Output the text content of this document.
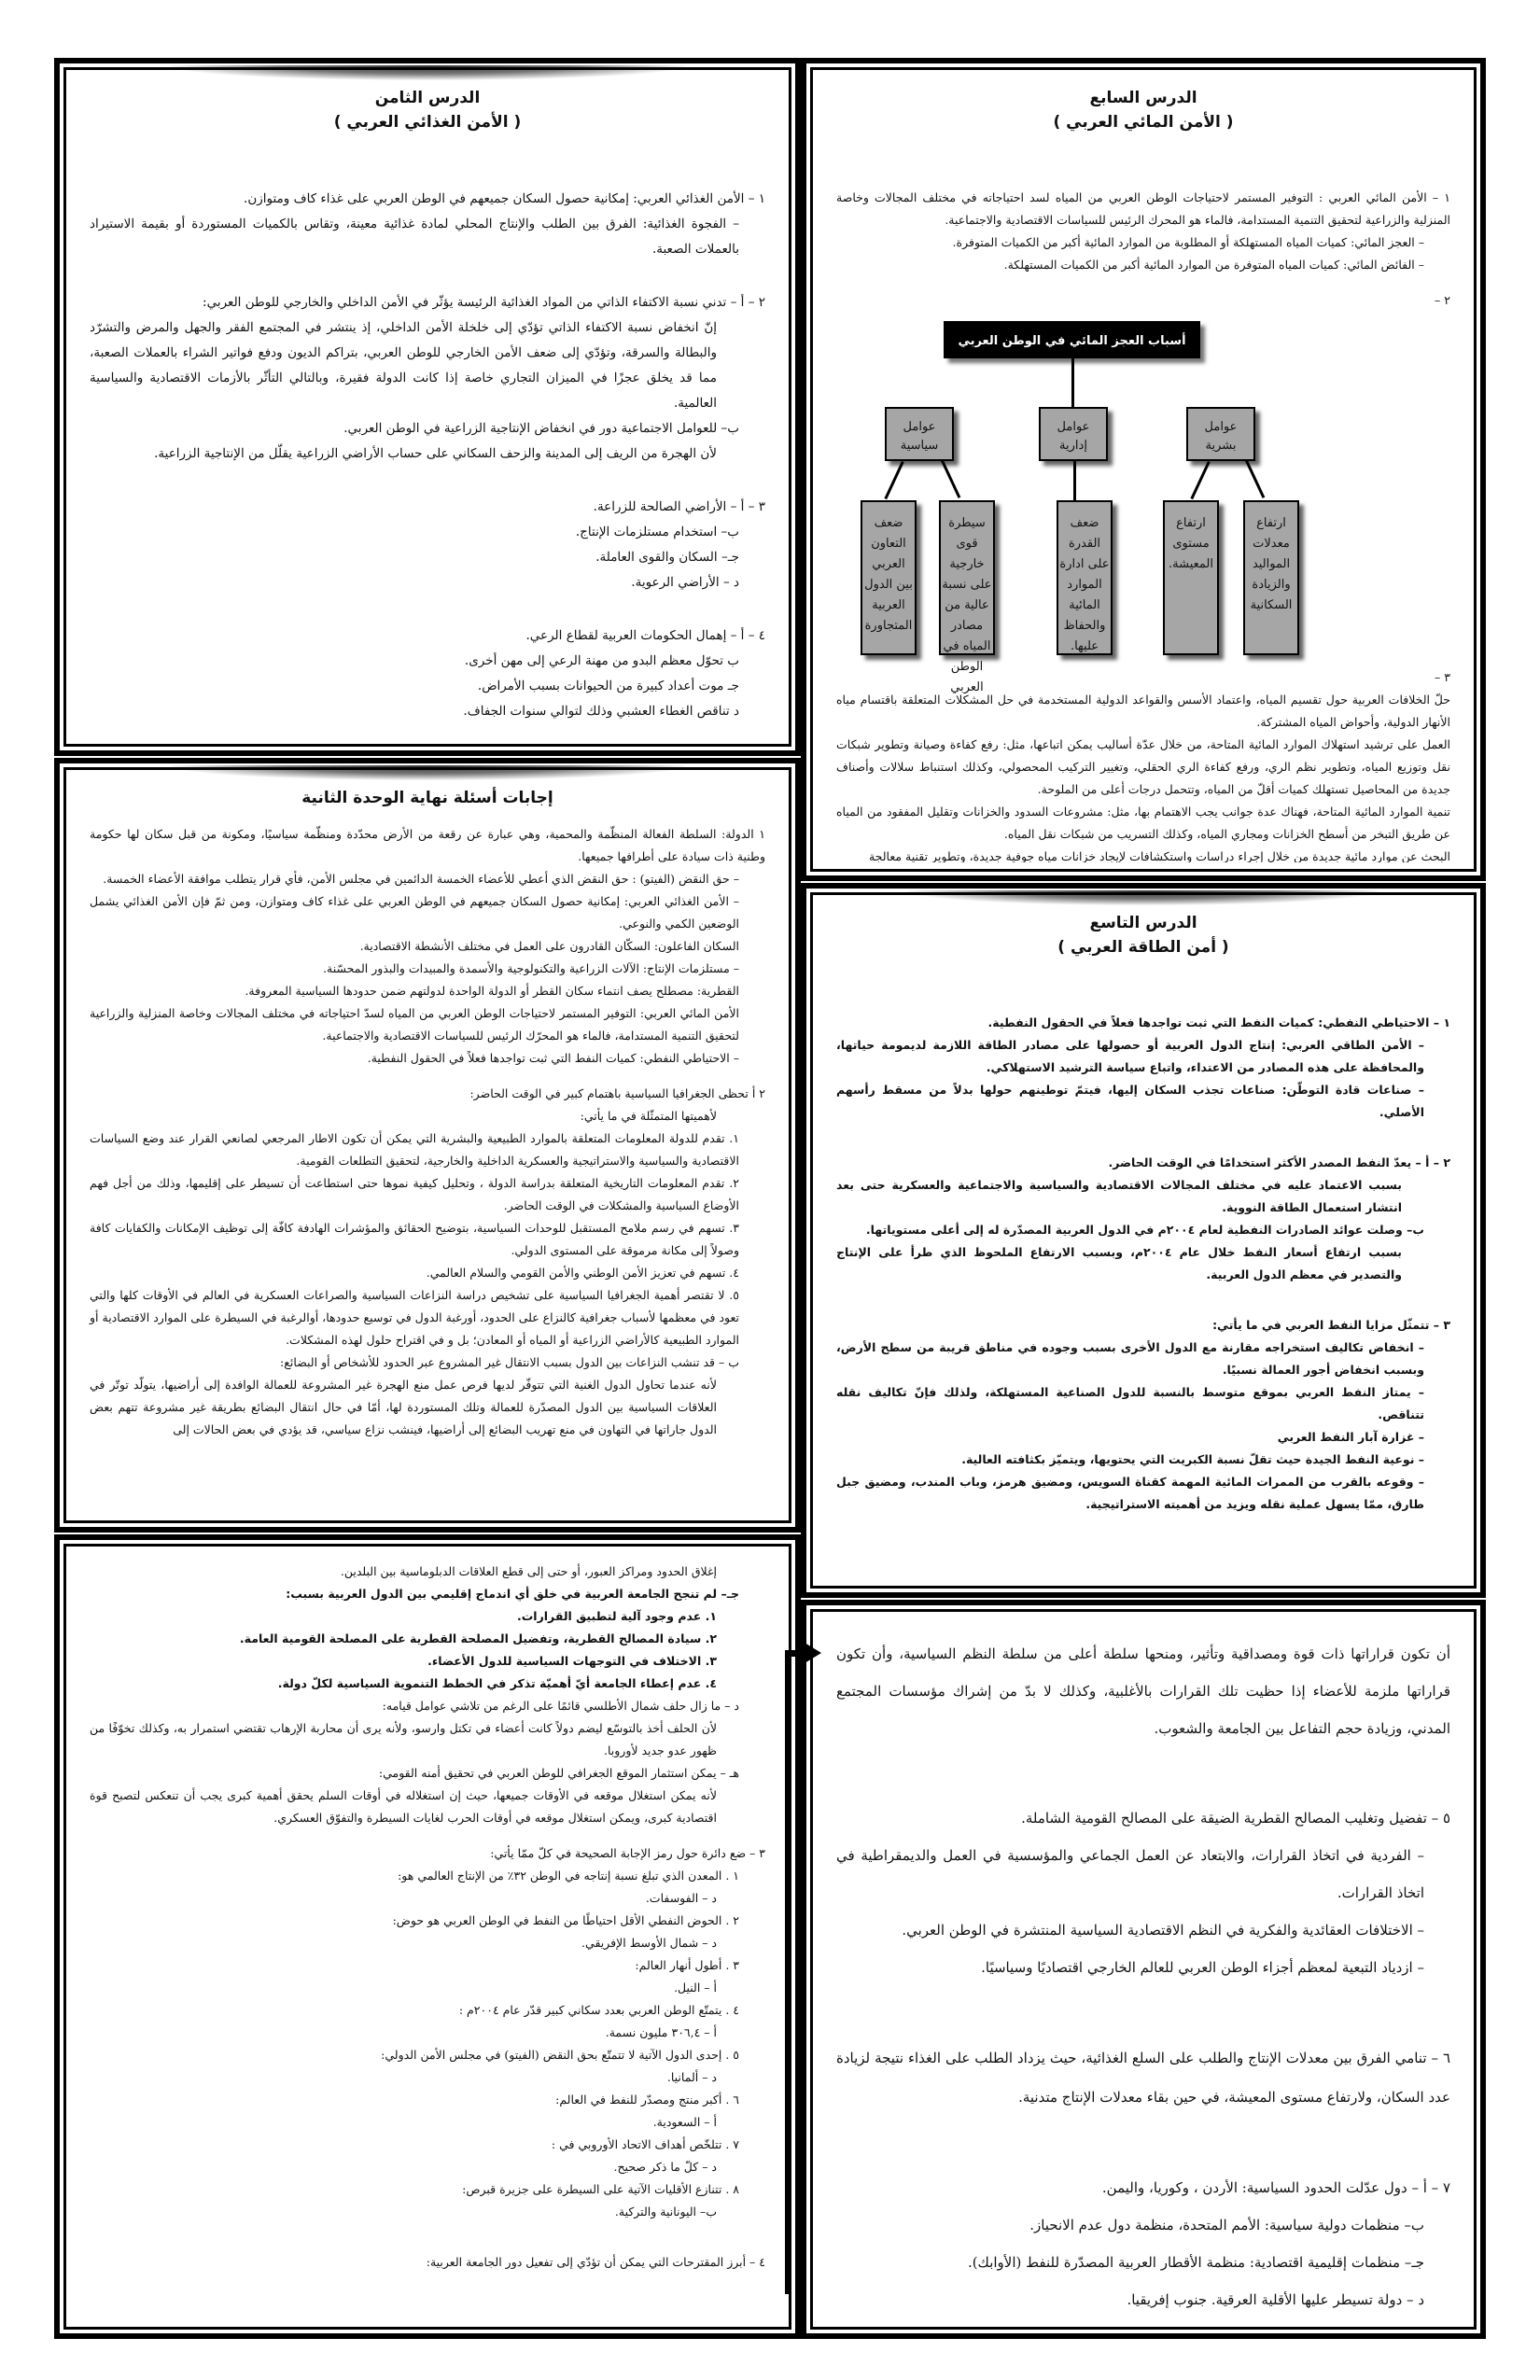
الدرس السابع
( الأمن المائي العربي )
١ – الأمن المائي العربي : التوفير المستمر لاحتياجات الوطن العربي من المياه لسد احتياجاته في مختلف المجالات وخاصة المنزلية والزراعية لتحقيق التنمية المستدامة، فالماء هو المحرك الرئيس للسياسات الاقتصادية والاجتماعية.
– العجز المائي: كميات المياه المستهلكة أو المطلوبة من الموارد المائية أكبر من الكميات المتوفرة.
– الفائض المائي: كميات المياه المتوفرة من الموارد المائية أكبر من الكميات المستهلكة.
٢ –
أسباب العجز المائي في الوطن العربي
عوامل
سياسية
عوامل
إدارية
عوامل
بشرية
ضعف التعاون العربي بين الدول العربية المتجاورة
سيطرة قوى خارجية على نسبة عالية من مصادر المياه في الوطن العربي
ضعف القدرة على ادارة الموارد المائية والحفاظ عليها.
ارتفاع مستوى المعيشة.
ارتفاع معدلات المواليد والزيادة السكانية
٣ –
حلّ الخلافات العربية حول تقسيم المياه، واعتماد الأسس والقواعد الدولية المستخدمة في حل المشكلات المتعلقة باقتسام مياه الأنهار الدولية، وأحواض المياه المشتركة.
العمل على ترشيد استهلاك الموارد المائية المتاحة، من خلال عدّة أساليب يمكن اتباعها، مثل: رفع كفاءة وصيانة وتطوير شبكات نقل وتوزيع المياه، وتطوير نظم الري، ورفع كفاءة الري الحقلي، وتغيير التركيب المحصولي، وكذلك استنباط سلالات وأصناف جديدة من المحاصيل تستهلك كميات أقلّ من المياه، وتتحمل درجات أعلى من الملوحة.
تنمية الموارد المائية المتاحة، فهناك عدة جوانب يجب الاهتمام بها، مثل: مشروعات السدود والخزانات وتقليل المفقود من المياه عن طريق التبخر من أسطح الخزانات ومجاري المياه، وكذلك التسريب من شبكات نقل المياه.
البحث عن موارد مائية جديدة من خلال إجراء دراسات واستكشافات لإيجاد خزانات مياه جوفية جديدة، وتطوير تقنية معالجة
الدرس الثامن
( الأمن الغذائي العربي )
١ – الأمن الغذائي العربي: إمكانية حصول السكان جميعهم في الوطن العربي على غذاء كاف ومتوازن.
– الفجوة الغذائية: الفرق بين الطلب والإنتاج المحلي لمادة غذائية معينة، وتقاس بالكميات المستوردة أو بقيمة الاستيراد بالعملات الصعبة.
٢ – أ – تدني نسبة الاكتفاء الذاتي من المواد الغذائية الرئيسة يؤثّر في الأمن الداخلي والخارجي للوطن العربي:
إنّ انخفاض نسبة الاكتفاء الذاتي تؤدّي إلى خلخلة الأمن الداخلي، إذ ينتشر في المجتمع الفقر والجهل والمرض والتشرّد والبطالة والسرقة، وتؤدّي إلى ضعف الأمن الخارجي للوطن العربي، بتراكم الديون ودفع فواتير الشراء بالعملات الصعبة، مما قد يخلق عجزًا في الميزان التجاري خاصة إذا كانت الدولة فقيرة، وبالتالي التأثّر بالأزمات الاقتصادية والسياسية العالمية.
ب– للعوامل الاجتماعية دور في انخفاض الإنتاجية الزراعية في الوطن العربي.
لأن الهجرة من الريف إلى المدينة والزحف السكاني على حساب الأراضي الزراعية يقلّل من الإنتاجية الزراعية.
٣ – أ – الأراضي الصالحة للزراعة.
ب– استخدام مستلزمات الإنتاج.
جـ– السكان والقوى العاملة.
د – الأراضي الرعوية.
٤ – أ – إهمال الحكومات العربية لقطاع الرعي.
ب تحوّل معظم البدو من مهنة الرعي إلى مهن أخرى.
جـ موت أعداد كبيرة من الحيوانات بسبب الأمراض.
د تناقص الغطاء العشبي وذلك لتوالي سنوات الجفاف.
إجابات أسئلة نهاية الوحدة الثانية
١ الدولة: السلطة الفعالة المنظّمة والمحمية، وهي عبارة عن رقعة من الأرض محدّدة ومنظّمة سياسيًا، ومكونة من قبل سكان لها حكومة وطنية ذات سيادة على أطرافها جميعها.
– حق النقض (الفيتو) : حق النقض الذي أعطي للأعضاء الخمسة الدائمين في مجلس الأمن، فأي قرار يتطلب موافقة الأعضاء الخمسة.
– الأمن الغذائي العربي: إمكانية حصول السكان جميعهم في الوطن العربي على غذاء كاف ومتوازن، ومن ثمّ فإن الأمن الغذائي يشمل الوضعين الكمي والنوعي.
السكان الفاعلون: السكّان القادرون على العمل في مختلف الأنشطة الاقتصادية.
– مستلزمات الإنتاج: الآلات الزراعية والتكنولوجية والأسمدة والمبيدات والبذور المحسّنة.
القطرية: مصطلح يصف انتماء سكان القطر أو الدولة الواحدة لدولتهم ضمن حدودها السياسية المعروفة.
الأمن المائي العربي: التوفير المستمر لاحتياجات الوطن العربي من المياه لسدّ احتياجاته في مختلف المجالات وخاصة المنزلية والزراعية لتحقيق التنمية المستدامة، فالماء هو المحرّك الرئيس للسياسات الاقتصادية والاجتماعية.
– الاحتياطي النفطي: كميات النفط التي ثبت تواجدها فعلاً في الحقول النفطية.
٢ أ تحظى الجغرافيا السياسية باهتمام كبير في الوقت الحاضر:
لأهميتها المتمثّلة في ما يأتي:
١. تقدم للدولة المعلومات المتعلقة بالموارد الطبيعية والبشرية التي يمكن أن تكون الاطار المرجعي لصانعي القرار عند وضع السياسات الاقتصادية والسياسية والاستراتيجية والعسكرية الداخلية والخارجية، لتحقيق التطلعات القومية.
٢. تقدم المعلومات التاريخية المتعلقة بدراسة الدولة ، وتحليل كيفية نموها حتى استطاعت أن تسيطر على إقليمها، وذلك من أجل فهم الأوضاع السياسية والمشكلات في الوقت الحاضر.
٣. تسهم في رسم ملامح المستقبل للوحدات السياسية، بتوضيح الحقائق والمؤشرات الهادفة كافّة إلى توظيف الإمكانات والكفايات كافة وصولاً إلى مكانة مرموقة على المستوى الدولي.
٤. تسهم في تعزيز الأمن الوطني والأمن القومي والسلام العالمي.
٥. لا تقتصر أهمية الجغرافيا السياسية على تشخيص دراسة النزاعات السياسية والصراعات العسكرية في العالم في الأوقات كلها والتي تعود في معظمها لأسباب جغرافية كالنزاع على الحدود، أورغبة الدول في توسيع حدودها، أوالرغبة في السيطرة على الموارد الاقتصادية أو الموارد الطبيعية كالأراضي الزراعية أو المياه أو المعادن؛ بل و في اقتراح حلول لهذه المشكلات.
ب – قد تنشب النزاعات بين الدول بسبب الانتقال غير المشروع عبر الحدود للأشخاص أو البضائع:
لأنه عندما تحاول الدول الغنية التي تتوفّر لديها فرص عمل منع الهجرة غير المشروعة للعمالة الوافدة إلى أراضيها، يتولّد توتّر في العلاقات السياسية بين الدول المصدّرة للعمالة وتلك المستوردة لها، أمّا في حال انتقال البضائع بطريقة غير مشروعة تتهم بعض الدول جاراتها في التهاون في منع تهريب البضائع إلى أراضيها، فينشب نزاع سياسي، قد يؤدي في بعض الحالات إلى
إغلاق الحدود ومراكز العبور، أو حتى إلى قطع العلاقات الدبلوماسية بين البلدين.
جـ– لم تنجح الجامعة العربية في خلق أي اندماج إقليمي بين الدول العربية بسبب:
١. عدم وجود آلية لتطبيق القرارات.
٢. سيادة المصالح القطرية، وتفضيل المصلحة القطرية على المصلحة القومية العامة.
٣. الاختلاف في التوجهات السياسية للدول الأعضاء.
٤. عدم إعطاء الجامعة أيّ أهميّة تذكر في الخطط التنموية السياسية لكلّ دولة.
د – ما زال حلف شمال الأطلسي قائمًا على الرغم من تلاشي عوامل قيامه:
لأن الحلف أخذ بالتوسّع ليضم دولاً كانت أعضاء في تكتل وارسو، ولأنه يرى أن محاربة الإرهاب تقتضي استمرار به، وكذلك تخوّفًا من ظهور عدو جديد لأوروبا.
هـ – يمكن استثمار الموقع الجغرافي للوطن العربي في تحقيق أمنه القومي:
لأنه يمكن استغلال موقعه في الأوقات جميعها، حيث إن استغلاله في أوقات السلم يحقق أهمية كبرى يجب أن تنعكس لتصبح قوة اقتصادية كبرى، ويمكن استغلال موقعه في أوقات الحرب لغايات السيطرة والتفوّق العسكري.
٣ – ضع دائرة حول رمز الإجابة الصحيحة في كلّ ممّا يأتي:
١ . المعدن الذي تبلغ نسبة إنتاجه في الوطن ٣٢٪ من الإنتاج العالمي هو:
د – الفوسفات.
٢ . الحوض النفطي الأقل احتياطًا من النفط في الوطن العربي هو حوض:
د – شمال الأوسط الإفريقي.
٣ . أطول أنهار العالم:
أ – النيل.
٤ . يتمتّع الوطن العربي بعدد سكاني كبير قدّر عام ٢٠٠٤م :
أ – ٣٠٦,٤ مليون نسمة.
٥ . إحدى الدول الآتية لا تتمتّع بحق النقض (الفيتو) في مجلس الأمن الدولي:
د – ألمانيا.
٦ . أكبر منتج ومصدّر للنفط في العالم:
أ – السعودية.
٧ . تتلخّص أهداف الاتحاد الأوروبي في :
د – كلّ ما ذكر صحيح.
٨ . تتنازع الأقليات الآتية على السيطرة على جزيرة قبرص:
ب– اليونانية والتركية.
٤ – أبرز المقترحات التي يمكن أن تؤدّي إلى تفعيل دور الجامعة العربية:
الدرس التاسع
( أمن الطاقة العربي )
١ – الاحتياطي النفطي: كميات النفط التي ثبت تواجدها فعلاً في الحقول النفطية.
– الأمن الطاقي العربي: إنتاج الدول العربية أو حصولها على مصادر الطاقة اللازمة لديمومة حياتها، والمحافظة على هذه المصادر من الاعتداء، واتباع سياسة الترشيد الاستهلاكي.
– صناعات قادة التوطّن: صناعات تجذب السكان إليها، فيتمّ توطينهم حولها بدلاً من مسقط رأسهم الأصلي.
٢ – أ – يعدّ النفط المصدر الأكثر استخدامًا في الوقت الحاضر.
بسبب الاعتماد عليه في مختلف المجالات الاقتصادية والسياسية والاجتماعية والعسكرية حتى بعد انتشار استعمال الطاقة النووية.
ب– وصلت عوائد الصادرات النفطية لعام ٢٠٠٤م في الدول العربية المصدّرة له إلى أعلى مستوياتها.
بسبب ارتفاع أسعار النفط خلال عام ٢٠٠٤م، وبسبب الارتفاع الملحوظ الذي طرأ على الإنتاج والتصدير في معظم الدول العربية.
٣ – تتمثّل مزايا النفط العربي في ما يأتي:
– انخفاض تكاليف استخراجه مقارنة مع الدول الأخرى بسبب وجوده في مناطق قريبة من سطح الأرض، وبسبب انخفاض أجور العمالة نسبيًا.
– يمتاز النفط العربي بموقع متوسط بالنسبة للدول الصناعية المستهلكة، ولذلك فإنّ تكاليف نقله تتناقص.
– غزارة آبار النفط العربي
– نوعية النفط الجيدة حيث تقلّ نسبة الكبريت التي يحتويها، ويتميّز بكثافته العالية.
– وقوعه بالقرب من الممرات المائية المهمة كقناة السويس، ومضيق هرمز، وباب المندب، ومضيق جبل طارق، ممّا يسهل عملية نقله ويزيد من أهميته الاستراتيجية.
أن تكون قراراتها ذات قوة ومصداقية وتأثير، ومنحها سلطة أعلى من سلطة النظم السياسية، وأن تكون قراراتها ملزمة للأعضاء إذا حظيت تلك القرارات بالأغلبية، وكذلك لا بدّ من إشراك مؤسسات المجتمع المدني، وزيادة حجم التفاعل بين الجامعة والشعوب.
٥ – تفضيل وتغليب المصالح القطرية الضيقة على المصالح القومية الشاملة.
– الفردية في اتخاذ القرارات، والابتعاد عن العمل الجماعي والمؤسسية في العمل والديمقراطية في اتخاذ القرارات.
– الاختلافات العقائدية والفكرية في النظم الاقتصادية السياسية المنتشرة في الوطن العربي.
– ازدياد التبعية لمعظم أجزاء الوطن العربي للعالم الخارجي اقتصاديًا وسياسيًا.
٦ – تنامي الفرق بين معدلات الإنتاج والطلب على السلع الغذائية، حيث يزداد الطلب على الغذاء نتيجة لزيادة عدد السكان، ولارتفاع مستوى المعيشة، في حين بقاء معدلات الإنتاج متدنية.
٧ – أ – دول عدّلت الحدود السياسية: الأردن ، وكوريا، واليمن.
ب– منظمات دولية سياسية: الأمم المتحدة، منظمة دول عدم الانحياز.
جـ– منظمات إقليمية اقتصادية: منظمة الأقطار العربية المصدّرة للنفط (الأوابك).
د – دولة تسيطر عليها الأقلية العرقية. جنوب إفريقيا.
